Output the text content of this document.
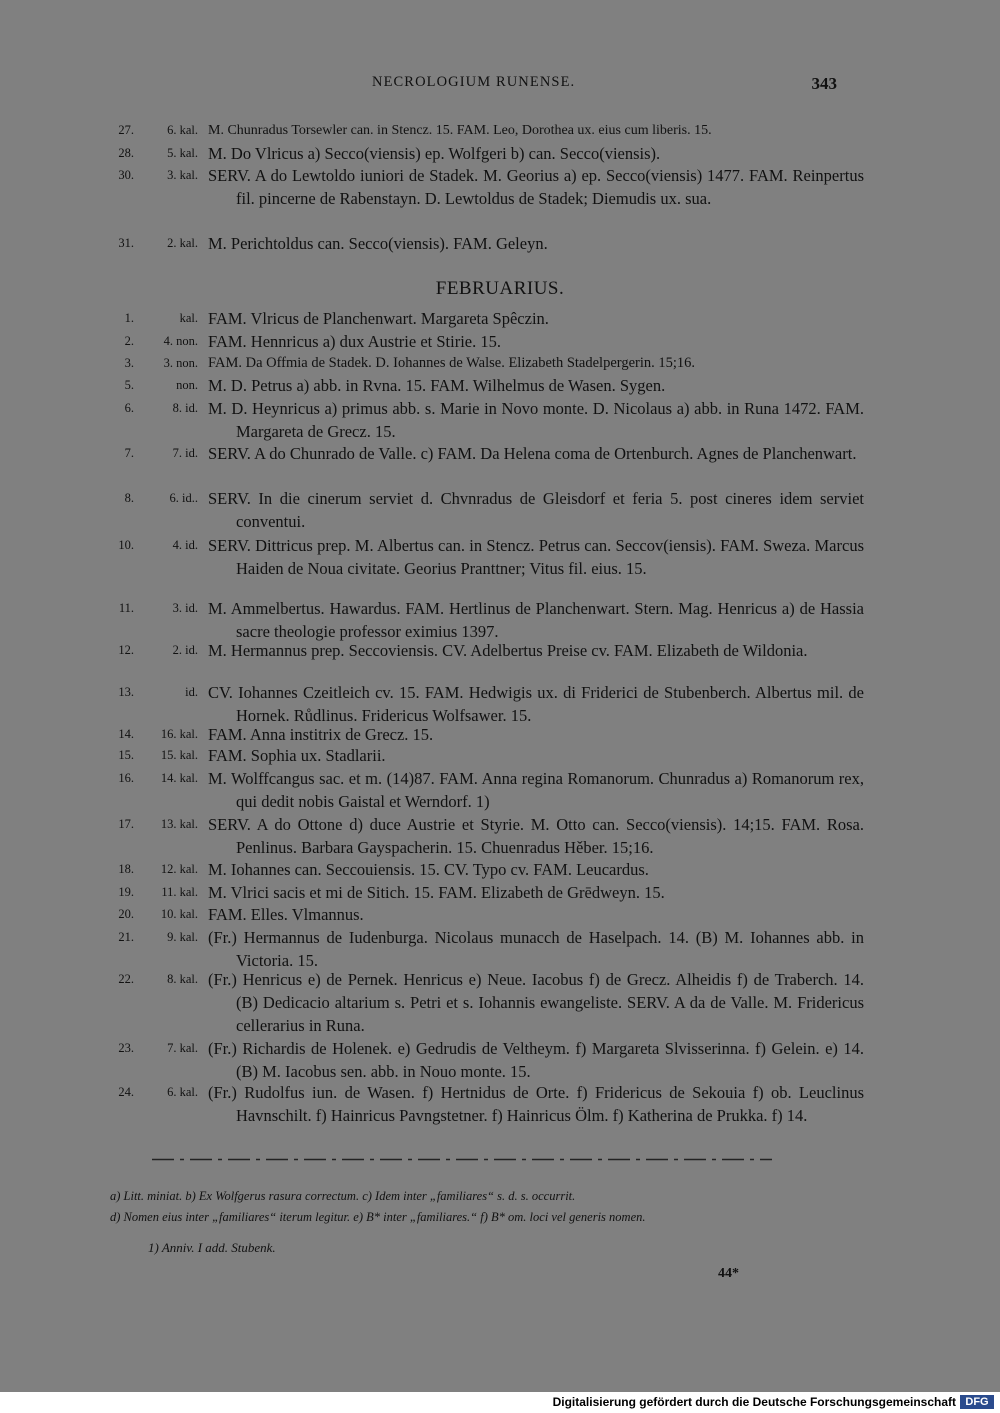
NECROLOGIUM RUNENSE.	343
27.	6. kal. M. Chunradus Torsewler can. in Stencz. 15. FAM. Leo, Dorothea ux. eius cum liberis. 15.
28.	5. kal. M. Do Vlricus a) Secco(viensis) ep. Wolfgeri b) can. Secco(viensis).
30.	3. kal. SERV. A do Lewtoldo iuniori de Stadek. M. Georius a) ep. Secco(viensis) 1477. FAM. Reinpertus fil. pincerne de Rabenstayn. D. Lewtoldus de Stadek; Diemudis ux. sua.
31.	2. kal. M. Perichtoldus can. Secco(viensis). FAM. Geleyn.
FEBRUARIUS.
1.	kal. FAM. Vlricus de Planchenwart. Margareta Spêczin.
2.	4. non. FAM. Hennricus a) dux Austrie et Stirie. 15.
3.	3. non. FAM. Da Offmia de Stadek. D. Iohannes de Walse. Elizabeth Stadelpergerin. 15;16.
5.	non. M. D. Petrus a) abb. in Rvna. 15. FAM. Wilhelmus de Wasen. Sygen.
6.	8. id. M. D. Heynricus a) primus abb. s. Marie in Novo monte. D. Nicolaus a) abb. in Runa 1472. FAM. Margareta de Grecz. 15.
7.	7. id. SERV. A do Chunrado de Valle. c) FAM. Da Helena coma de Ortenburch. Agnes de Planchenwart.
8.	6. id.. SERV. In die cinerum serviet d. Chvnradus de Gleisdorf et feria 5. post cineres idem serviet conventui.
10.	4. id. SERV. Dittricus prep. M. Albertus can. in Stencz. Petrus can. Seccov(iensis). FAM. Sweza. Marcus Haiden de Noua civitate. Georius Pranttner; Vitus fil. eius. 15.
11.	3. id. M. Ammelbertus. Hawardus. FAM. Hertlinus de Planchenwart. Stern. Mag. Henricus a) de Hassia sacre theologie professor eximius 1397.
12.	2. id. M. Hermannus prep. Seccoviensis. CV. Adelbertus Preise cv. FAM. Elizabeth de Wildonia.
13.	id. CV. Iohannes Czeitleich cv. 15. FAM. Hedwigis ux. di Friderici de Stubenberch. Albertus mil. de Hornek. Růdlinus. Fridericus Wolfsawer. 15.
14.	16. kal. FAM. Anna institrix de Grecz. 15.
15.	15. kal. FAM. Sophia ux. Stadlarii.
16.	14. kal. M. Wolffcangus sac. et m. (14)87. FAM. Anna regina Romanorum. Chunradus a) Romanorum rex, qui dedit nobis Gaistal et Werndorf. 1)
17.	13. kal. SERV. A do Ottone d) duce Austrie et Styrie. M. Otto can. Secco(viensis). 14;15. FAM. Rosa. Penlinus. Barbara Gayspacherin. 15. Chuenradus Hěber. 15;16.
18.	12. kal. M. Iohannes can. Seccouiensis. 15. CV. Typo cv. FAM. Leucardus.
19.	11. kal. M. Vlrici sacis et mi de Sitich. 15. FAM. Elizabeth de Grēdweyn. 15.
20.	10. kal. FAM. Elles. Vlmannus.
21.	9. kal. (Fr.) Hermannus de Iudenburga. Nicolaus munacch de Haselpach. 14. (B) M. Iohannes abb. in Victoria. 15.
22.	8. kal. (Fr.) Henricus e) de Pernek. Henricus e) Neue. Iacobus f) de Grecz. Alheidis f) de Traberch. 14. (B) Dedicacio altarium s. Petri et s. Iohannis ewangeliste. SERV. A da de Valle. M. Fridericus cellerarius in Runa.
23.	7. kal. (Fr.) Richardis de Holenek. e) Gedrudis de Veltheym. f) Margareta Slvisserinna. f) Gelein. e) 14. (B) M. Iacobus sen. abb. in Nouo monte. 15.
24.	6. kal. (Fr.) Rudolfus iun. de Wasen. f) Hertnidus de Orte. f) Fridericus de Sekouia f) ob. Leuclinus Havnschilt. f) Hainricus Pavngstetner. f) Hainricus Ölm. f) Katherina de Prukka. f) 14.
a) Litt. miniat. b) Ex Wolfgerus rasura correctum. c) Idem inter „familiares“ s. d. s. occurrit.
d) Nomen eius inter „familiares“ iterum legitur. e) B* inter „familiares.“ f) B* om. loci vel generis nomen.
1) Anniv. I add. Stubenk.
44*
Digitalisierung gefördert durch die Deutsche Forschungsgemeinschaft DFG
